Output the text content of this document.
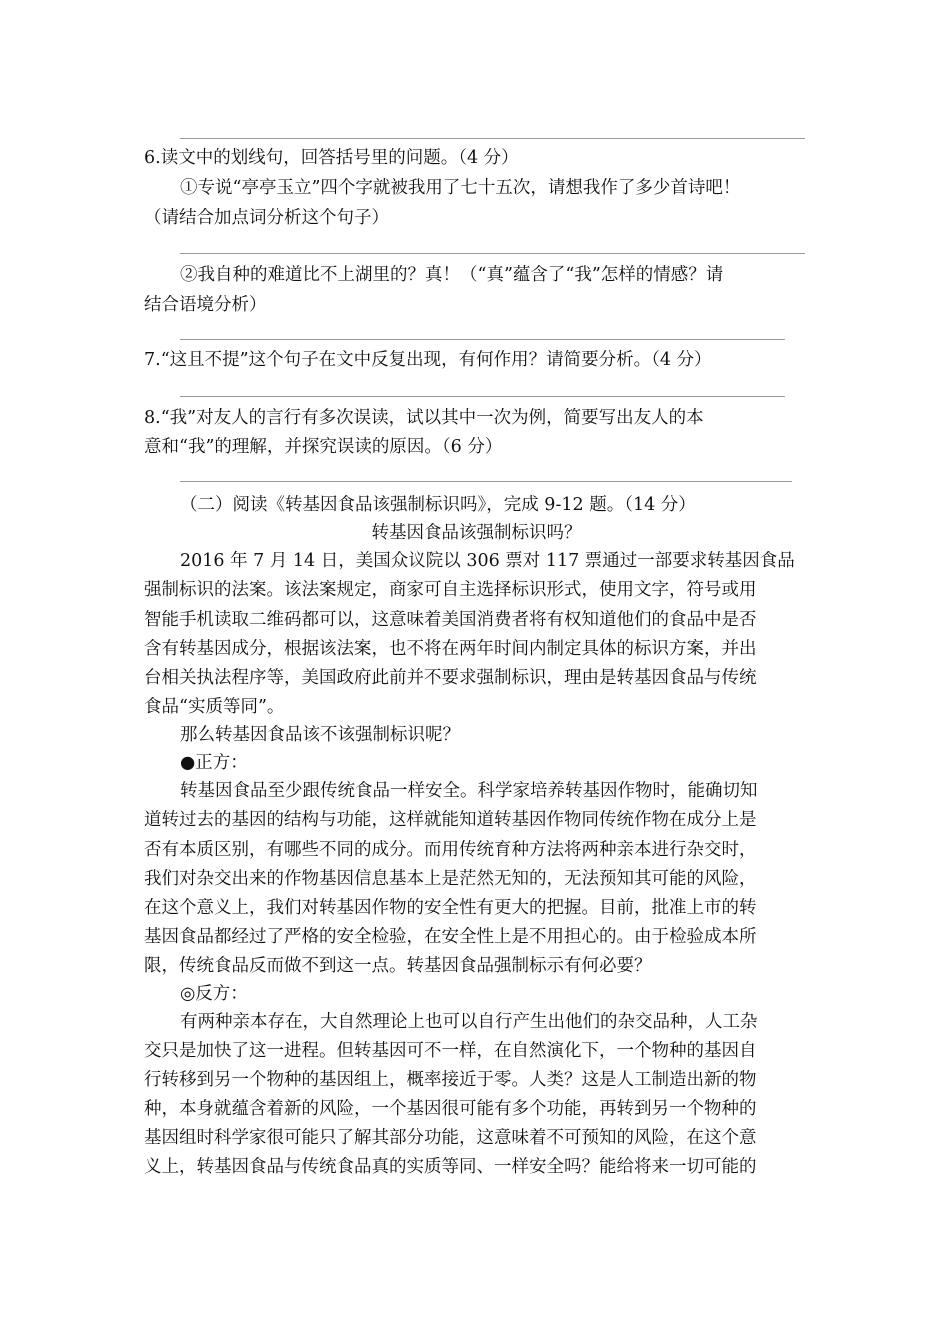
6.读文中的划线句，回答括号里的问题。（4 分）
①专说“亭亭玉立”四个字就被我用了七十五次，请想我作了多少首诗吧！
（请结合加点词分析这个句子）
②我自种的难道比不上湖里的？真！（“真”蕴含了“我”怎样的情感？请
结合语境分析）
7.“这且不提”这个句子在文中反复出现，有何作用？请简要分析。（4 分）
8.“我”对友人的言行有多次误读，试以其中一次为例，简要写出友人的本
意和“我”的理解，并探究误读的原因。（6 分）
（二）阅读《转基因食品该强制标识吗》，完成 9-12 题。（14 分）
转基因食品该强制标识吗？
2016 年 7 月 14 日，美国众议院以 306 票对 117 票通过一部要求转基因食品
强制标识的法案。该法案规定，商家可自主选择标识形式，使用文字，符号或用
智能手机读取二维码都可以，这意味着美国消费者将有权知道他们的食品中是否
含有转基因成分，根据该法案，也不将在两年时间内制定具体的标识方案，并出
台相关执法程序等，美国政府此前并不要求强制标识，理由是转基因食品与传统
食品“实质等同”。
那么转基因食品该不该强制标识呢？
●正方：
转基因食品至少跟传统食品一样安全。科学家培养转基因作物时，能确切知
道转过去的基因的结构与功能，这样就能知道转基因作物同传统作物在成分上是
否有本质区别，有哪些不同的成分。而用传统育种方法将两种亲本进行杂交时，
我们对杂交出来的作物基因信息基本上是茫然无知的，无法预知其可能的风险，
在这个意义上，我们对转基因作物的安全性有更大的把握。目前，批准上市的转
基因食品都经过了严格的安全检验，在安全性上是不用担心的。由于检验成本所
限，传统食品反而做不到这一点。转基因食品强制标示有何必要？
◎反方：
有两种亲本存在，大自然理论上也可以自行产生出他们的杂交品种，人工杂
交只是加快了这一进程。但转基因可不一样，在自然演化下，一个物种的基因自
行转移到另一个物种的基因组上，概率接近于零。人类？这是人工制造出新的物
种，本身就蕴含着新的风险，一个基因很可能有多个功能，再转到另一个物种的
基因组时科学家很可能只了解其部分功能，这意味着不可预知的风险，在这个意
义上，转基因食品与传统食品真的实质等同、一样安全吗？能给将来一切可能的
